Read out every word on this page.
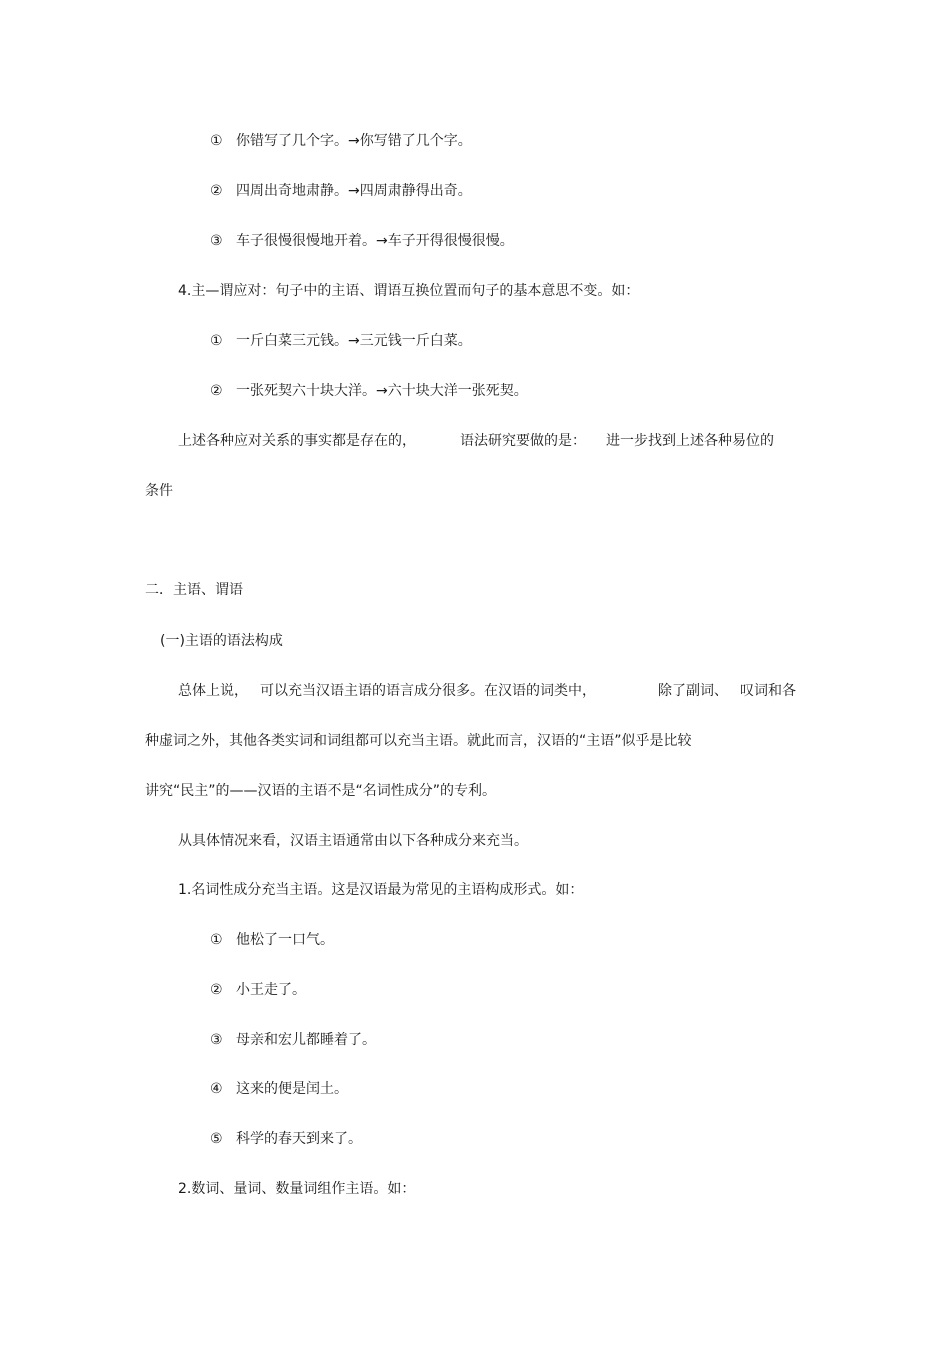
① 你错写了几个字。→你写错了几个字。
② 四周出奇地肃静。→四周肃静得出奇。
③ 车子很慢很慢地开着。→车子开得很慢很慢。
4.主—谓应对：句子中的主语、谓语互换位置而句子的基本意思不变。如：
① 一斤白菜三元钱。→三元钱一斤白菜。
② 一张死契六十块大洋。→六十块大洋一张死契。
上述各种应对关系的事实都是存在的，	语法研究要做的是： 进一步找到上述各种易位的
条件
二．主语、谓语
(一)主语的语法构成
总体上说， 可以充当汉语主语的语言成分很多。在汉语的词类中，	除了副词、 叹词和各
种虚词之外，其他各类实词和词组都可以充当主语。就此而言，汉语的“主语”似乎是比较
讲究“民主”的——汉语的主语不是“名词性成分”的专利。
从具体情况来看，汉语主语通常由以下各种成分来充当。
1.名词性成分充当主语。这是汉语最为常见的主语构成形式。如：
① 他松了一口气。
② 小王走了。
③ 母亲和宏儿都睡着了。
④ 这来的便是闰土。
⑤ 科学的春天到来了。
2.数词、量词、数量词组作主语。如：
